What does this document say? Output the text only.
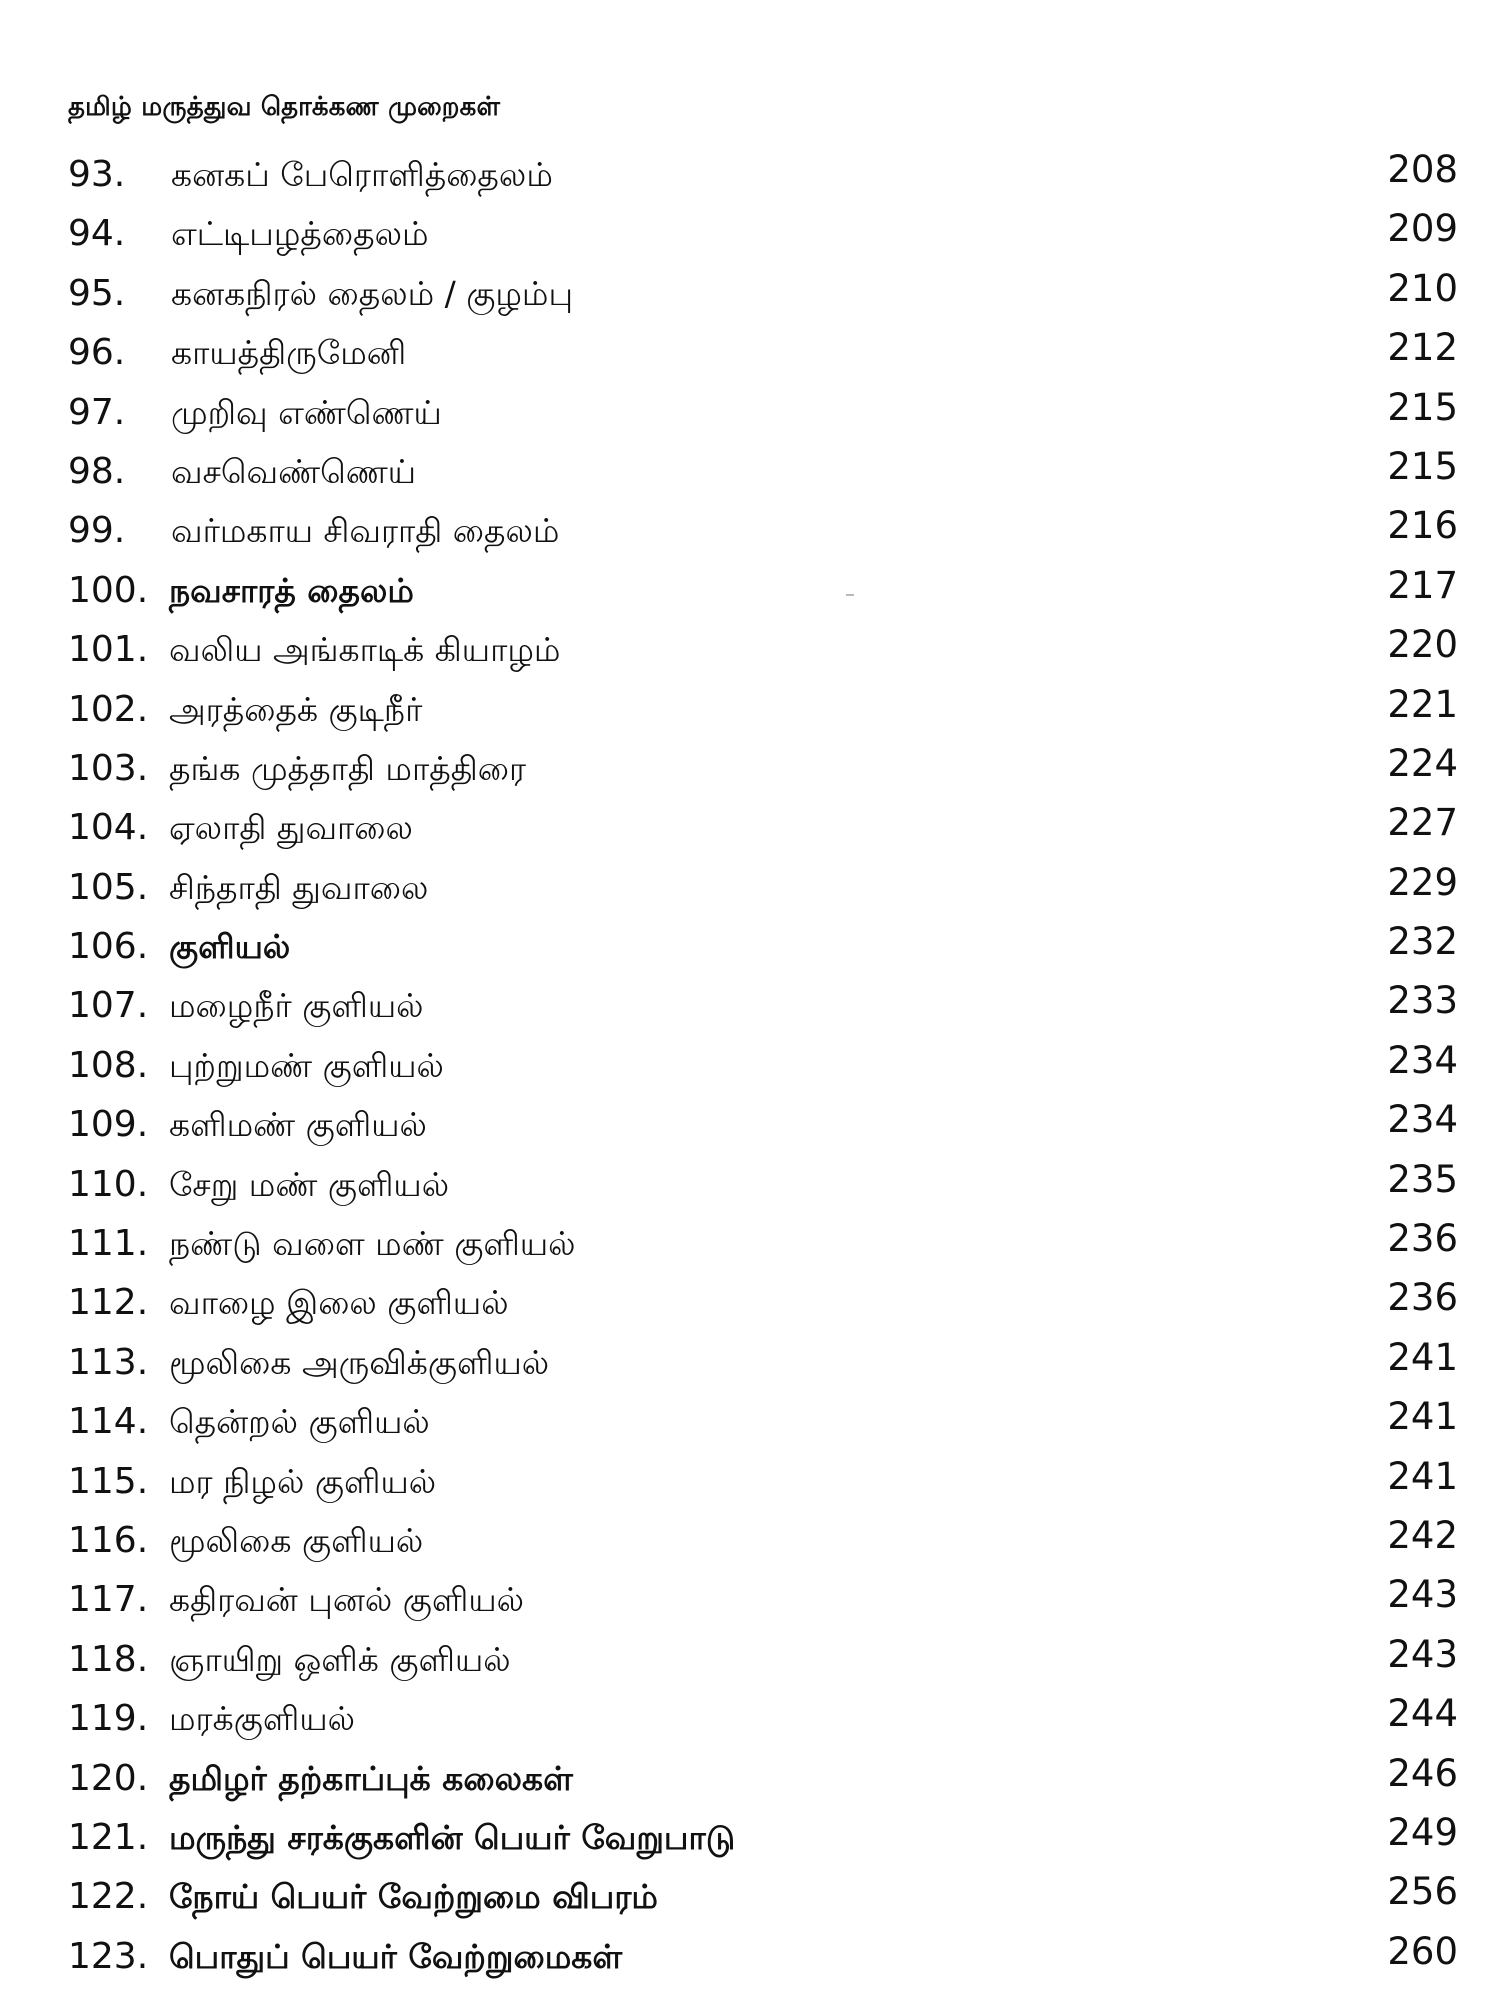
தமிழ் மருத்துவ தொக்கண முறைகள்
93. கனகப் பேரொளித்தைலம்	208
94. எட்டிபழத்தைலம்	209
95. கனகநிரல் தைலம் / குழம்பு	210
96. காயத்திருமேனி	212
97. முறிவு எண்ணெய்	215
98. வசவெண்ணெய்	215
99. வர்மகாய சிவராதி தைலம்	216
100. நவசாரத் தைலம்	217
101. வலிய அங்காடிக் கியாழம்	220
102. அரத்தைக் குடிநீர்	221
103. தங்க முத்தாதி மாத்திரை	224
104. ஏலாதி துவாலை	227
105. சிந்தாதி துவாலை	229
106. குளியல்	232
107. மழைநீர் குளியல்	233
108. புற்றுமண் குளியல்	234
109. களிமண் குளியல்	234
110. சேறு மண் குளியல்	235
111. நண்டு வளை மண் குளியல்	236
112. வாழை இலை குளியல்	236
113. மூலிகை அருவிக்குளியல்	241
114. தென்றல் குளியல்	241
115. மர நிழல் குளியல்	241
116. மூலிகை குளியல்	242
117. கதிரவன் புனல் குளியல்	243
118. ஞாயிறு ஒளிக் குளியல்	243
119. மரக்குளியல்	244
120. தமிழர் தற்காப்புக் கலைகள்	246
121. மருந்து சரக்குகளின் பெயர் வேறுபாடு	249
122. நோய் பெயர் வேற்றுமை விபரம்	256
123. பொதுப் பெயர் வேற்றுமைகள்	260
